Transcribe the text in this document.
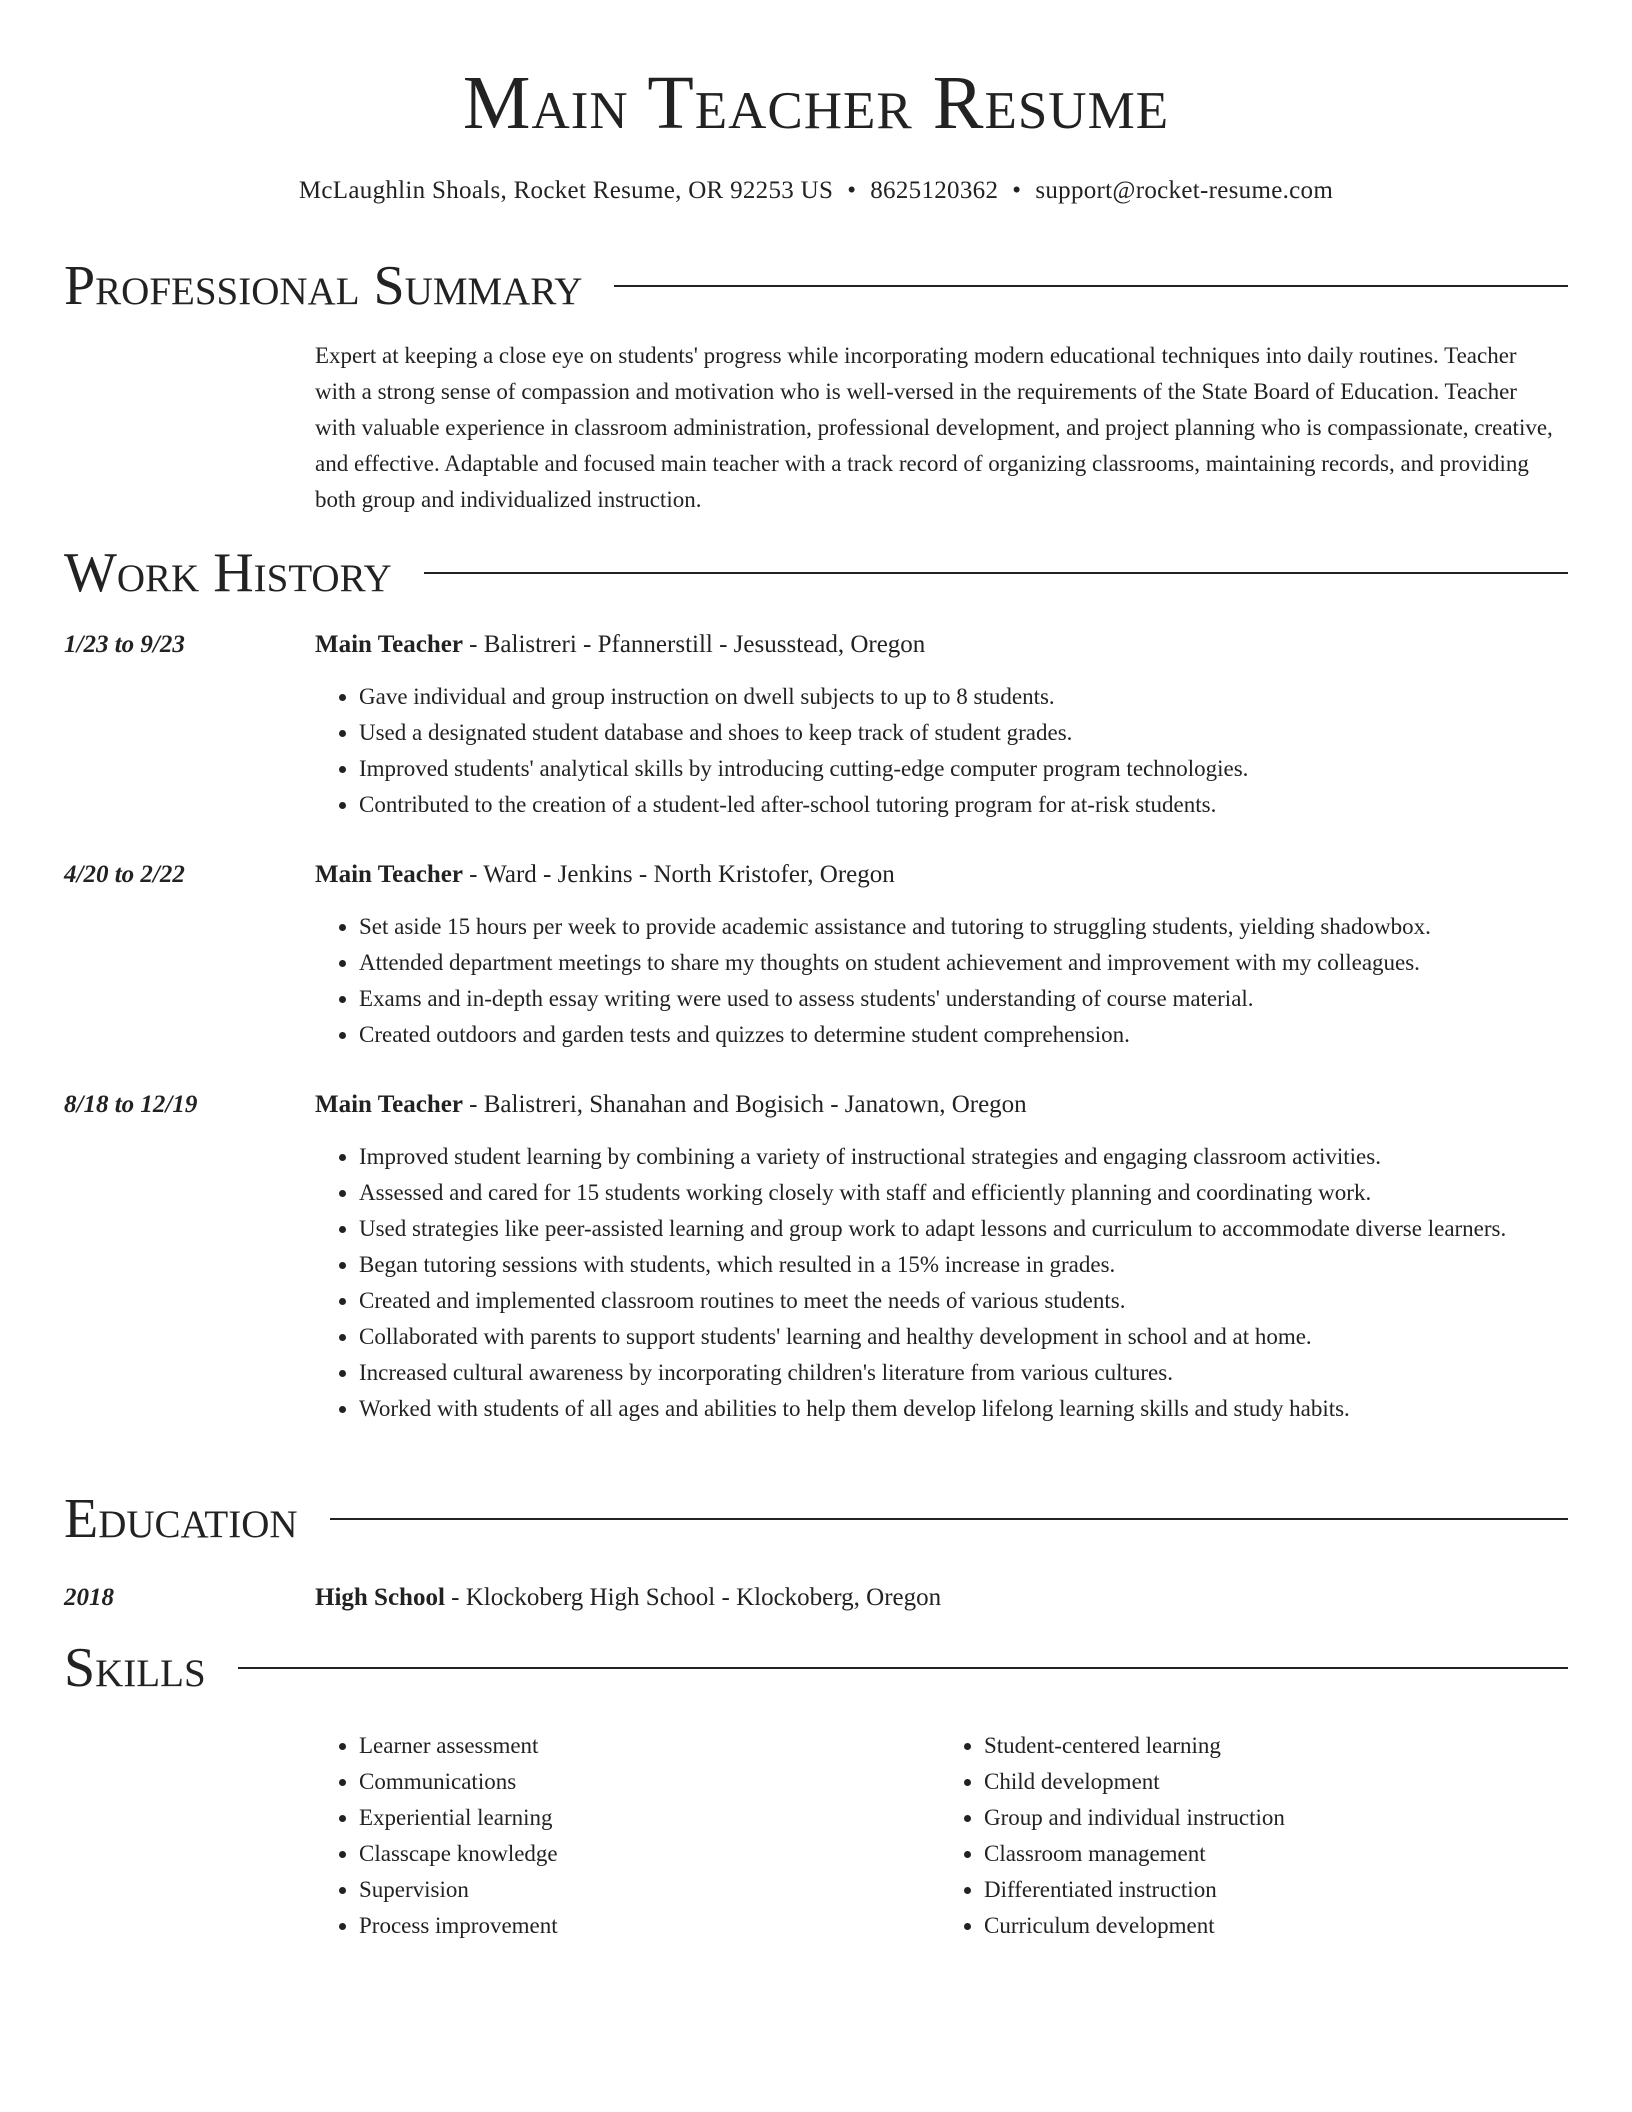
Main Teacher Resume
McLaughlin Shoals, Rocket Resume, OR 92253 US • 8625120362 • support@rocket-resume.com
Professional Summary
Expert at keeping a close eye on students' progress while incorporating modern educational techniques into daily routines. Teacher with a strong sense of compassion and motivation who is well-versed in the requirements of the State Board of Education. Teacher with valuable experience in classroom administration, professional development, and project planning who is compassionate, creative, and effective. Adaptable and focused main teacher with a track record of organizing classrooms, maintaining records, and providing both group and individualized instruction.
Work History
1/23 to 9/23	Main Teacher - Balistreri - Pfannerstill - Jesusstead, Oregon
• Gave individual and group instruction on dwell subjects to up to 8 students.
• Used a designated student database and shoes to keep track of student grades.
• Improved students' analytical skills by introducing cutting-edge computer program technologies.
• Contributed to the creation of a student-led after-school tutoring program for at-risk students.
4/20 to 2/22	Main Teacher - Ward - Jenkins - North Kristofer, Oregon
• Set aside 15 hours per week to provide academic assistance and tutoring to struggling students, yielding shadowbox.
• Attended department meetings to share my thoughts on student achievement and improvement with my colleagues.
• Exams and in-depth essay writing were used to assess students' understanding of course material.
• Created outdoors and garden tests and quizzes to determine student comprehension.
8/18 to 12/19	Main Teacher - Balistreri, Shanahan and Bogisich - Janatown, Oregon
• Improved student learning by combining a variety of instructional strategies and engaging classroom activities.
• Assessed and cared for 15 students working closely with staff and efficiently planning and coordinating work.
• Used strategies like peer-assisted learning and group work to adapt lessons and curriculum to accommodate diverse learners.
• Began tutoring sessions with students, which resulted in a 15% increase in grades.
• Created and implemented classroom routines to meet the needs of various students.
• Collaborated with parents to support students' learning and healthy development in school and at home.
• Increased cultural awareness by incorporating children's literature from various cultures.
• Worked with students of all ages and abilities to help them develop lifelong learning skills and study habits.
Education
2018	High School - Klockoberg High School - Klockoberg, Oregon
Skills
• Learner assessment
• Communications
• Experiential learning
• Classcape knowledge
• Supervision
• Process improvement
• Student-centered learning
• Child development
• Group and individual instruction
• Classroom management
• Differentiated instruction
• Curriculum development
